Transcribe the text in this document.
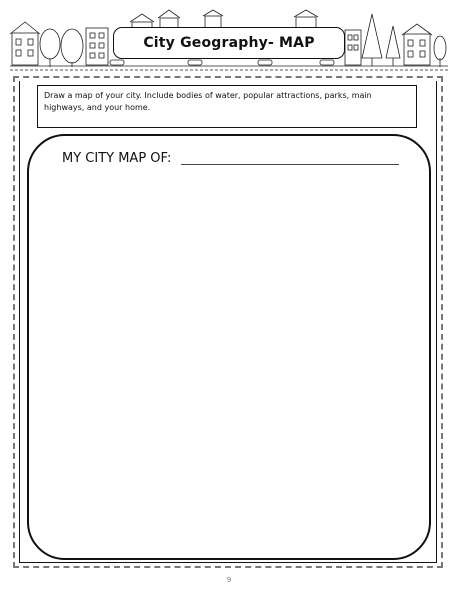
City Geography- MAP
Draw a map of your city. Include bodies of water, popular attractions, parks, main highways, and your home.
MY CITY MAP OF:
9
